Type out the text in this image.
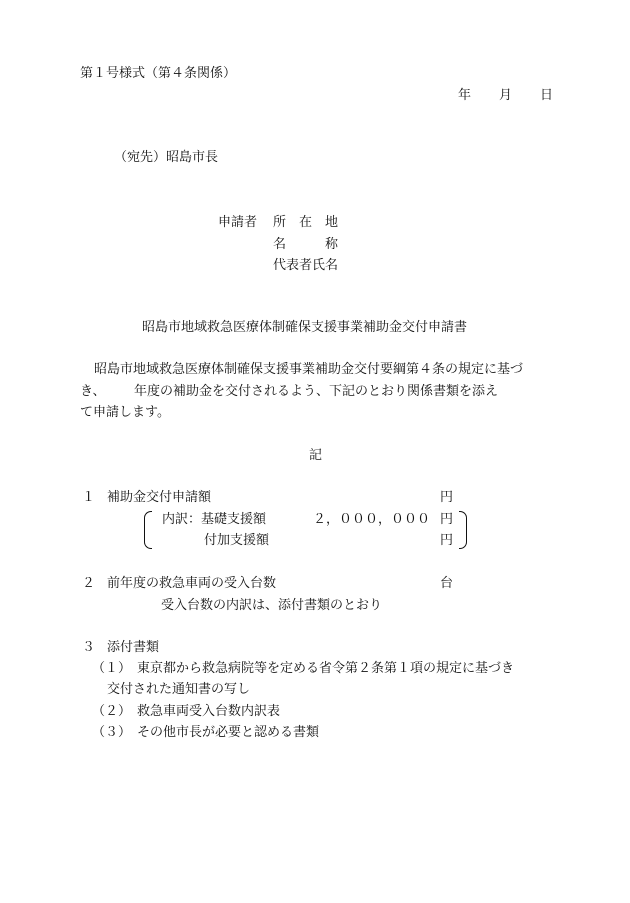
第１号様式（第４条関係）
年 月 日
（宛先）昭島市長
申請者 所　在　地
名　　　称
代表者氏名
昭島市地域救急医療体制確保支援事業補助金交付申請書
昭島市地域救急医療体制確保支援事業補助金交付要綱第４条の規定に基づ
き、 年度の補助金を交付されるよう、下記のとおり関係書類を添え
て申請します。
記
１ 補助金交付申請額	円
内訳：基礎支援額	２，０００，０００ 円
付加支援額	円
２ 前年度の救急車両の受入台数	台
受入台数の内訳は、添付書類のとおり
３ 添付書類
（１） 東京都から救急病院等を定める省令第２条第１項の規定に基づき
交付された通知書の写し
（２） 救急車両受入台数内訳表
（３） その他市長が必要と認める書類
